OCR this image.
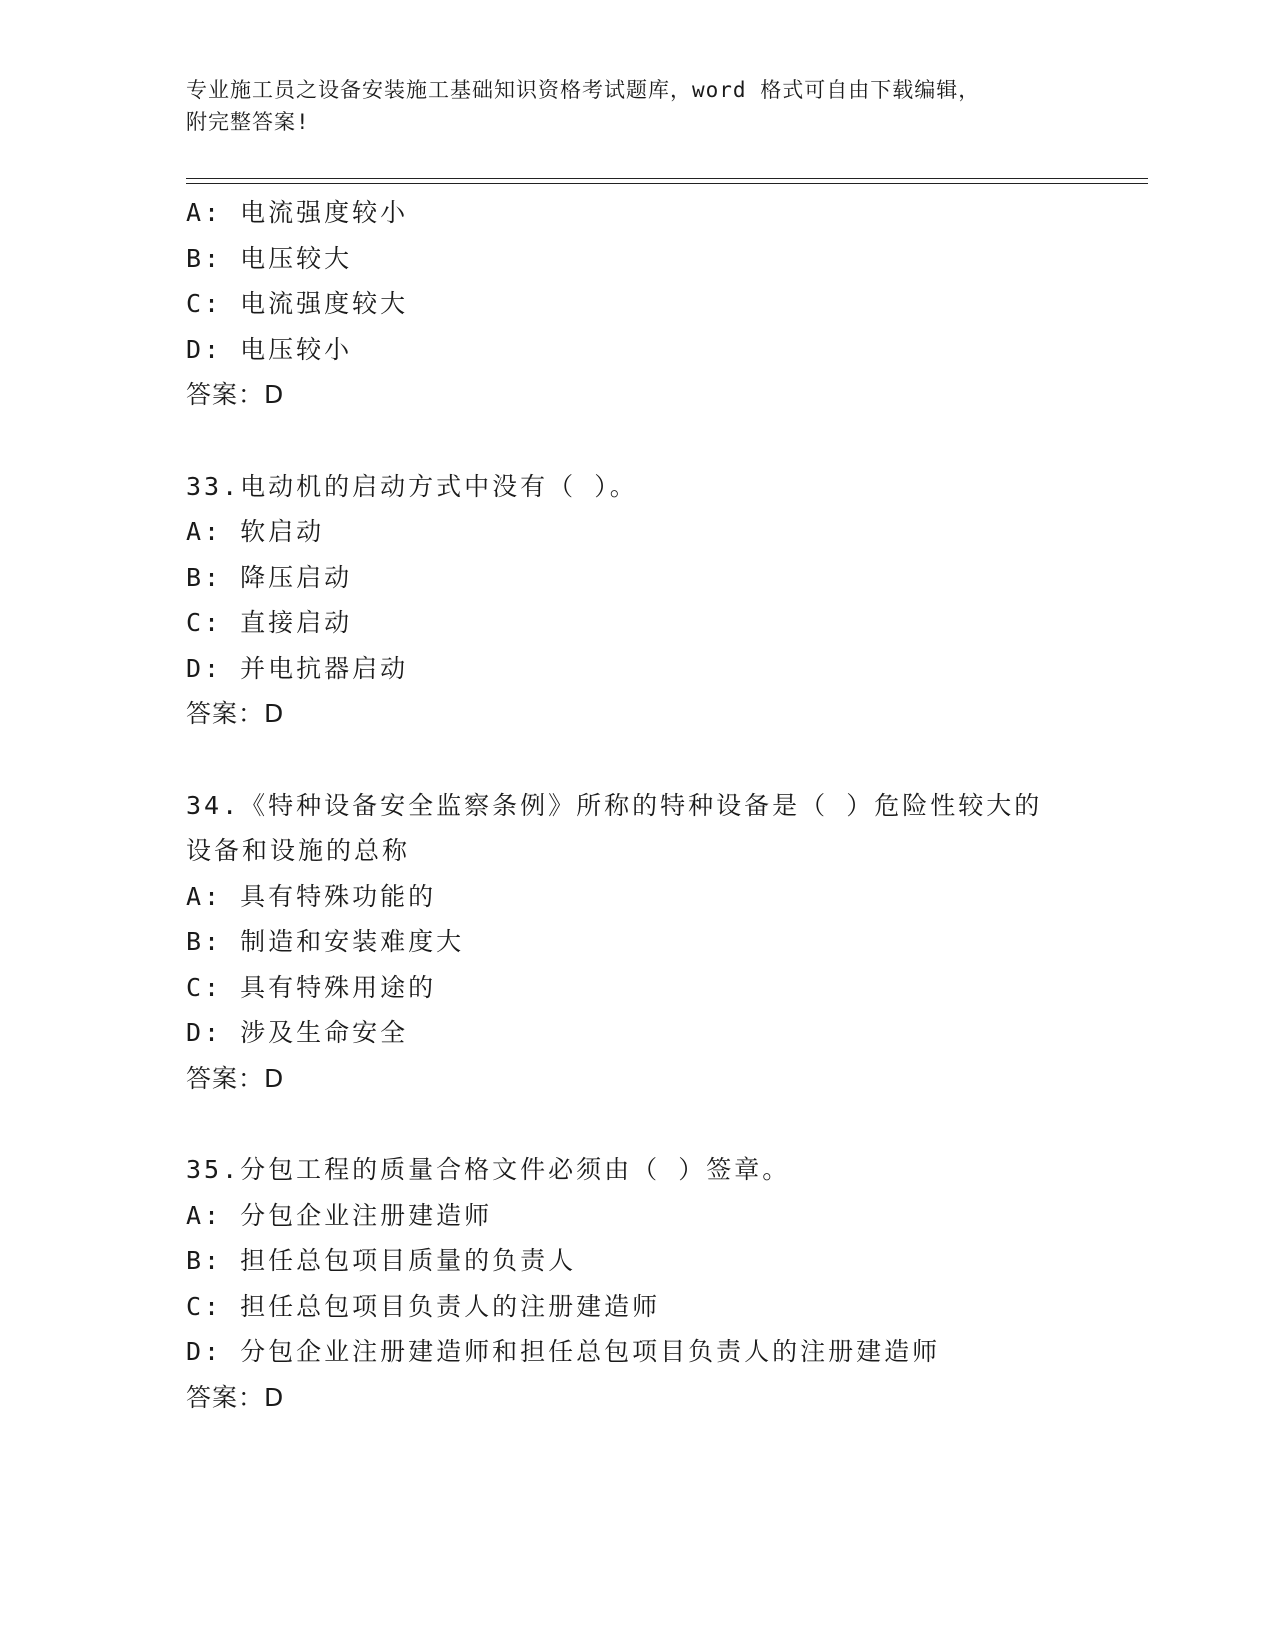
专业施工员之设备安装施工基础知识资格考试题库，word 格式可自由下载编辑，
附完整答案!
A: 电流强度较小
B: 电压较大
C: 电流强度较大
D: 电压较小
答案：D
33.电动机的启动方式中没有（ ）。
A: 软启动
B: 降压启动
C: 直接启动
D: 并电抗器启动
答案：D
34.《特种设备安全监察条例》所称的特种设备是（ ）危险性较大的
设备和设施的总称
A: 具有特殊功能的
B: 制造和安装难度大
C: 具有特殊用途的
D: 涉及生命安全
答案：D
35.分包工程的质量合格文件必须由（ ）签章。
A: 分包企业注册建造师
B: 担任总包项目质量的负责人
C: 担任总包项目负责人的注册建造师
D: 分包企业注册建造师和担任总包项目负责人的注册建造师
答案：D
